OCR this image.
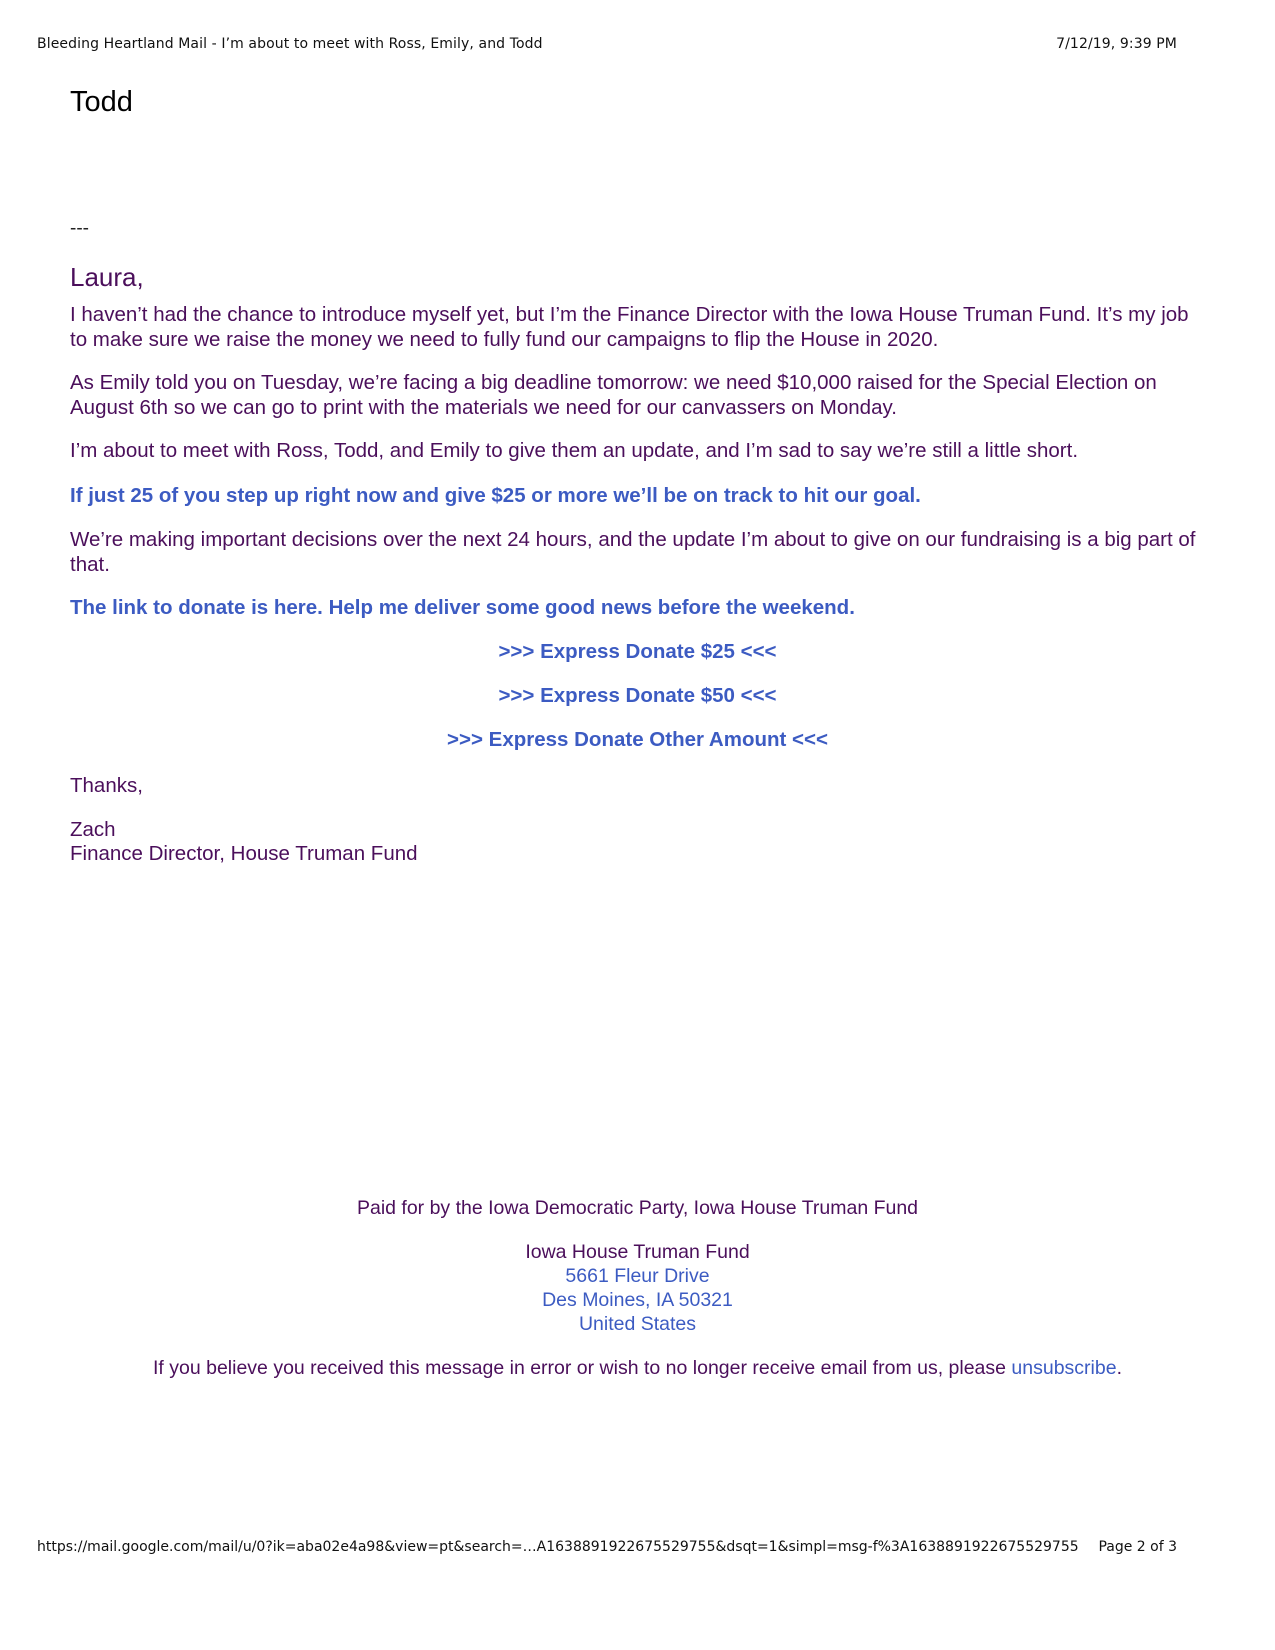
Bleeding Heartland Mail - I’m about to meet with Ross, Emily, and Todd	7/12/19, 9:39 PM
Todd
---
Laura,
I haven’t had the chance to introduce myself yet, but I’m the Finance Director with the Iowa House Truman Fund. It’s my job to make sure we raise the money we need to fully fund our campaigns to flip the House in 2020.
As Emily told you on Tuesday, we’re facing a big deadline tomorrow: we need $10,000 raised for the Special Election on August 6th so we can go to print with the materials we need for our canvassers on Monday.
I’m about to meet with Ross, Todd, and Emily to give them an update, and I’m sad to say we’re still a little short.
If just 25 of you step up right now and give $25 or more we’ll be on track to hit our goal.
We’re making important decisions over the next 24 hours, and the update I’m about to give on our fundraising is a big part of that.
The link to donate is here. Help me deliver some good news before the weekend.
>>> Express Donate $25 <<<
>>> Express Donate $50 <<<
>>> Express Donate Other Amount <<<
Thanks,
Zach
Finance Director, House Truman Fund
Paid for by the Iowa Democratic Party, Iowa House Truman Fund
Iowa House Truman Fund
5661 Fleur Drive
Des Moines, IA 50321
United States
If you believe you received this message in error or wish to no longer receive email from us, please unsubscribe.
https://mail.google.com/mail/u/0?ik=aba02e4a98&view=pt&search=…A1638891922675529755&dsqt=1&simpl=msg-f%3A1638891922675529755 Page 2 of 3
